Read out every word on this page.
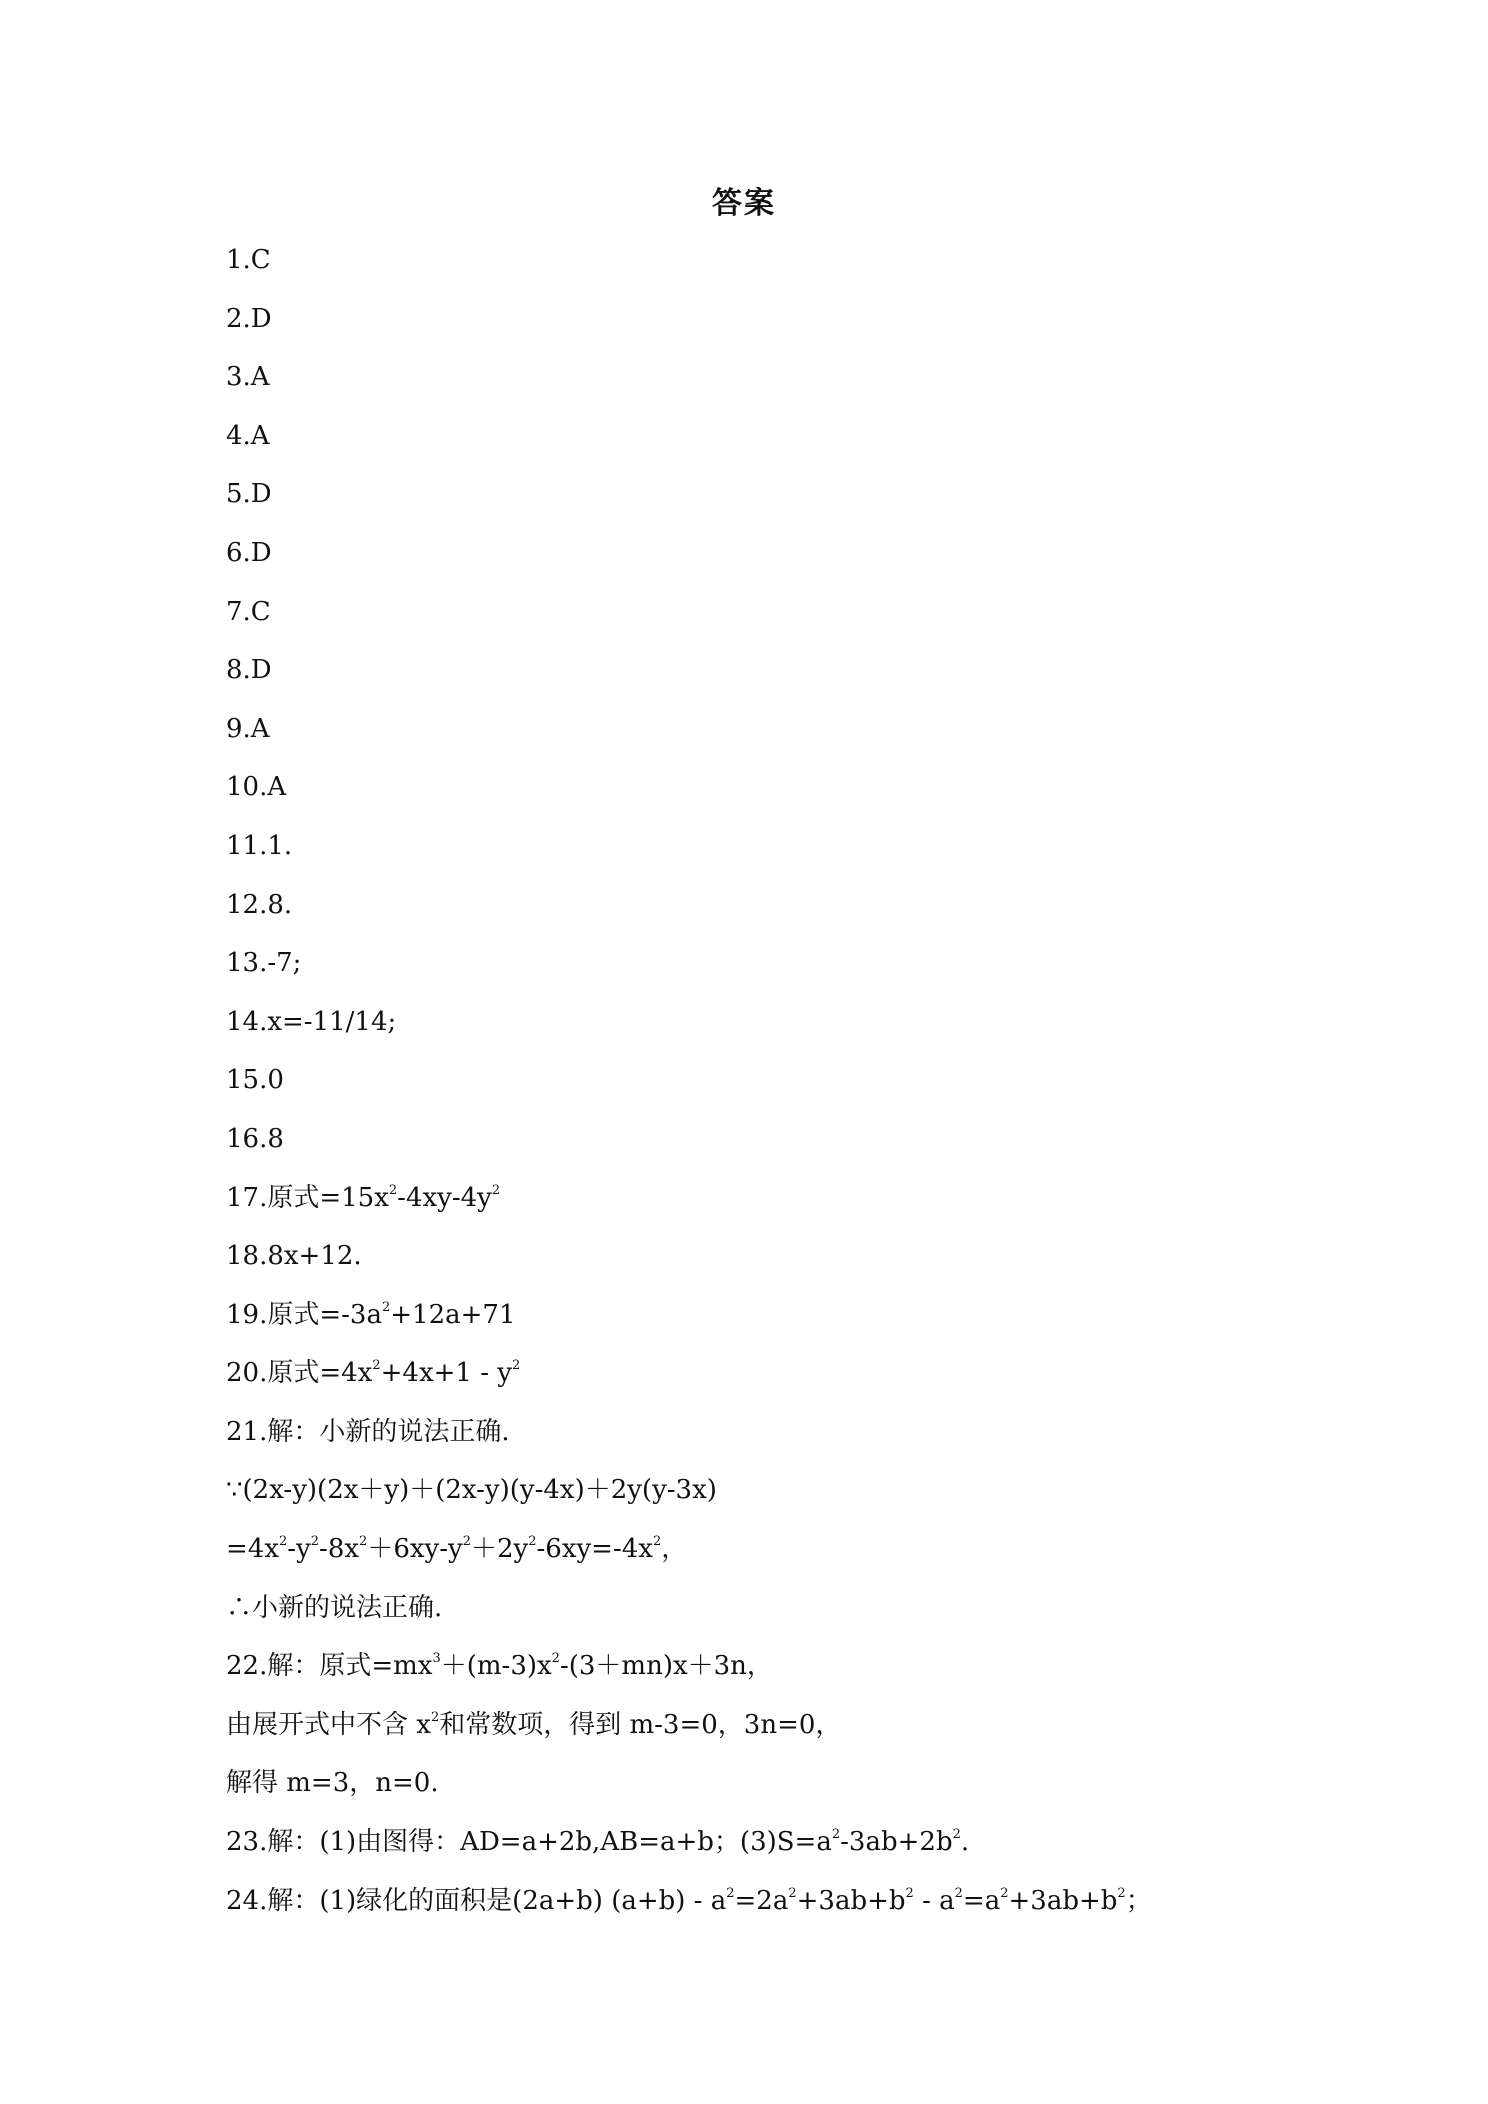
答案
1.C
2.D
3.A
4.A
5.D
6.D
7.C
8.D
9.A
10.A
11.1.
12.8.
13.-7;
14.x=-11/14;
15.0
16.8
17.原式$=15x^2-4xy-4y^2$
18.8x+12.
19.原式$=-3a^2+12a+71$
20.原式$=4x^2+4x+1 - y^2$
21.解：小新的说法正确.
∵(2x-y)(2x＋y)＋(2x-y)(y-4x)＋2y(y-3x)
$=4x^2-y^2-8x^2+6xy-y^2+2y^2-6xy=-4x^2$，
∴小新的说法正确.
22.解：原式$=mx^3+(m-3)x^2-(3+mn)x+3n$，
由展开式中不含 $x^2$和常数项，得到 m-3=0，3n=0，
解得 m=3，n=0.
23.解：(1)由图得：AD=a+2b,AB=a+b；$(3)S=a^2-3ab+2b^2$.
24.解：(1)绿化的面积是(2a+b) $(a+b) - a^2=2a^2+3ab+b^2 - a^2=a^2+3ab+b^2$；
